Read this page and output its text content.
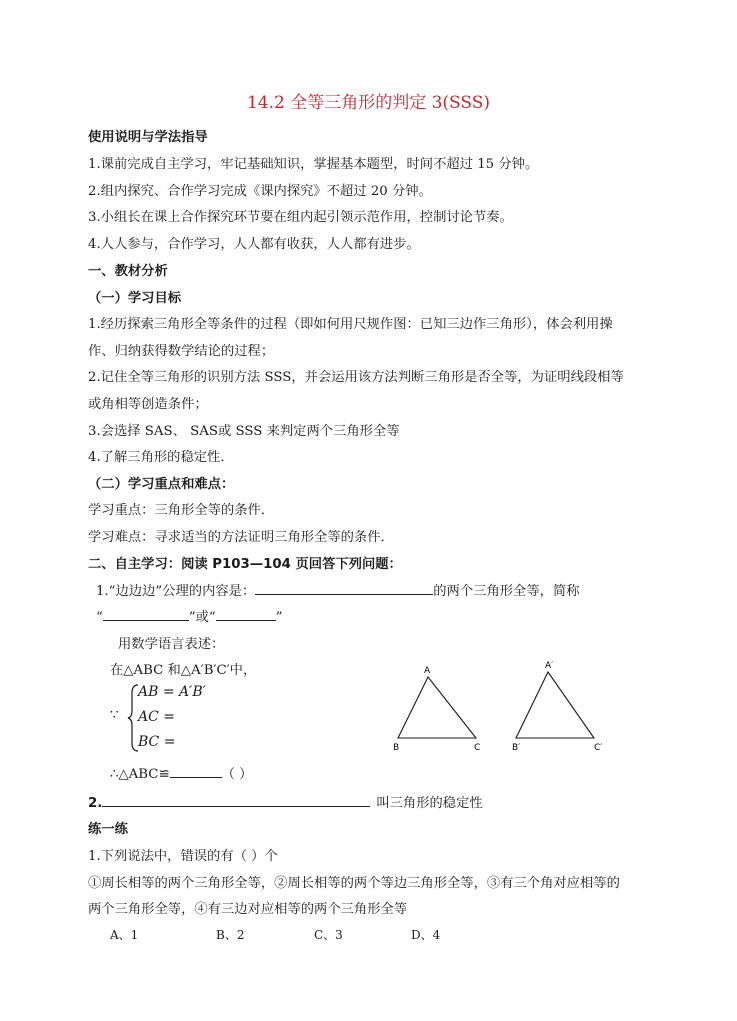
14.2 全等三角形的判定 3(SSS)
使用说明与学法指导
1.课前完成自主学习，牢记基础知识，掌握基本题型，时间不超过 15 分钟。
2.组内探究、合作学习完成《课内探究》不超过 20 分钟。
3.小组长在课上合作探究环节要在组内起引领示范作用，控制讨论节奏。
4.人人参与，合作学习，人人都有收获，人人都有进步。
一、教材分析
（一）学习目标
1.经历探索三角形全等条件的过程（即如何用尺规作图：已知三边作三角形），体会利用操
作、归纳获得数学结论的过程；
2.记住全等三角形的识别方法 SSS，并会运用该方法判断三角形是否全等，为证明线段相等
或角相等创造条件；
3.会选择 SAS、 SAS或 SSS 来判定两个三角形全等
4.了解三角形的稳定性．
（二）学习重点和难点：
学习重点：三角形全等的条件．
学习难点：寻求适当的方法证明三角形全等的条件．
二、自主学习：阅读 P103—104 页回答下列问题：
1.“边边边”公理的内容是：	的两个三角形全等，简称
“	”或“	”
用数学语言表述：
在△ABC 和△A′B′C′中，
∵
AB = A′B′
AC =
BC =
∴△ABC≌	（ ）
A
B	C
A′
B′	C′
2.	叫三角形的稳定性
练一练
1.下列说法中，错误的有（ ）个
①周长相等的两个三角形全等，②周长相等的两个等边三角形全等，③有三个角对应相等的
两个三角形全等，④有三边对应相等的两个三角形全等
A、1	B、2	C、3	D、4
